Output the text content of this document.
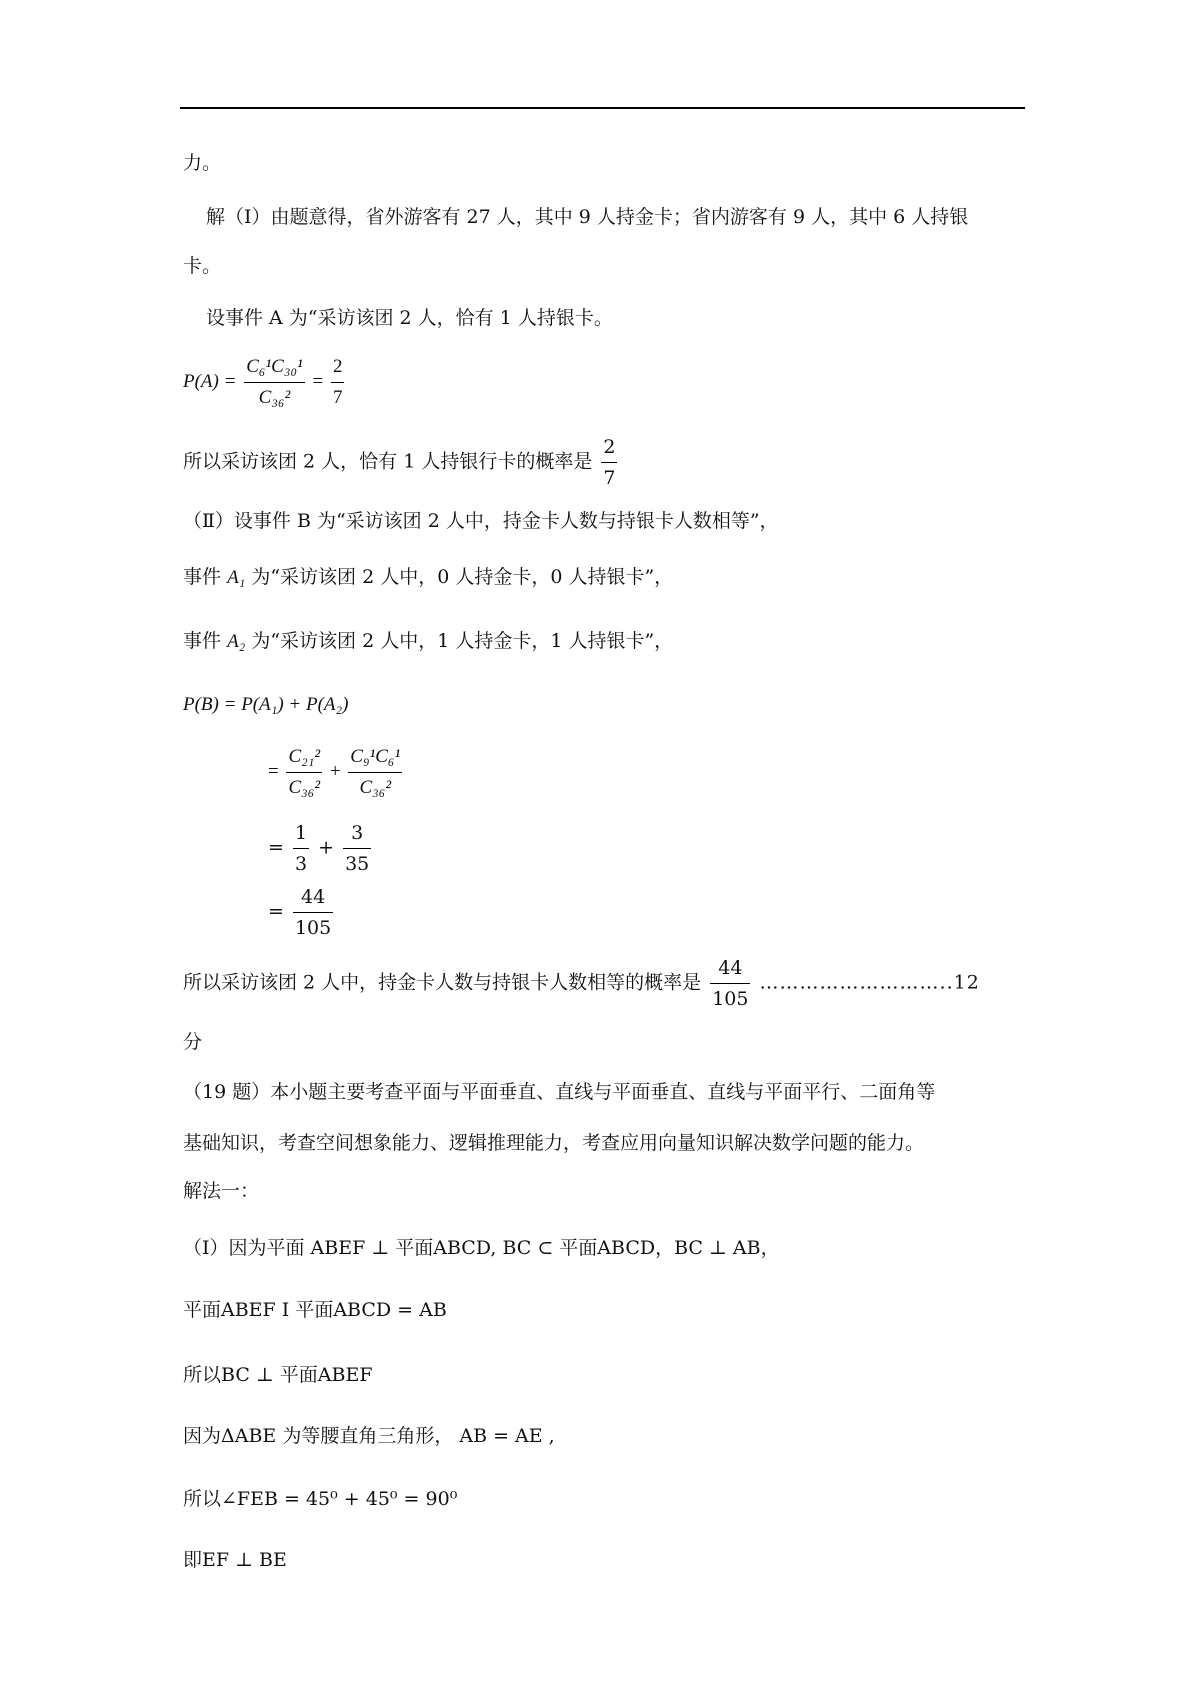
力。
解（I）由题意得，省外游客有 27 人，其中 9 人持金卡；省内游客有 9 人，其中 6 人持银
卡。
设事件 A 为“采访该团 2 人，恰有 1 人持银卡。
$P(A) = \frac{\text{C₆¹C₃₀¹}}{\text{C₃₆²}} = \frac{2}{7}$
所以采访该团 2 人，恰有 1 人持银行卡的概率是 $\frac{2}{7}$
（Ⅱ）设事件 B 为“采访该团 2 人中，持金卡人数与持银卡人数相等”，
事件 A₁ 为“采访该团 2 人中，0 人持金卡，0 人持银卡”，
事件 A₂ 为“采访该团 2 人中，1 人持金卡，1 人持银卡”，
P(B) = P(A₁) + P(A₂)
= $\frac{\text{C₂₁²}}{\text{C₃₆²}} + \frac{\text{C₉¹C₆¹}}{\text{C₃₆²}}$
= $\frac{1}{3} + \frac{3}{35}$
= $\frac{44}{105}$
所以采访该团 2 人中，持金卡人数与持银卡人数相等的概率是 $\frac{44}{105}$ ………………………..12
分
（19 题）本小题主要考查平面与平面垂直、直线与平面垂直、直线与平面平行、二面角等
基础知识，考查空间想象能力、逻辑推理能力，考查应用向量知识解决数学问题的能力。
解法一：
（Ⅰ）因为平面 ABEF ⊥ 平面ABCD, BC ⊂ 平面ABCD，BC ⊥ AB，
平面ABEF I 平面ABCD = AB
所以BC ⊥ 平面ABEF
因为ΔABE 为等腰直角三角形， AB = AE ,
所以∠FEB = 45⁰ + 45⁰ = 90⁰
即EF ⊥ BE
